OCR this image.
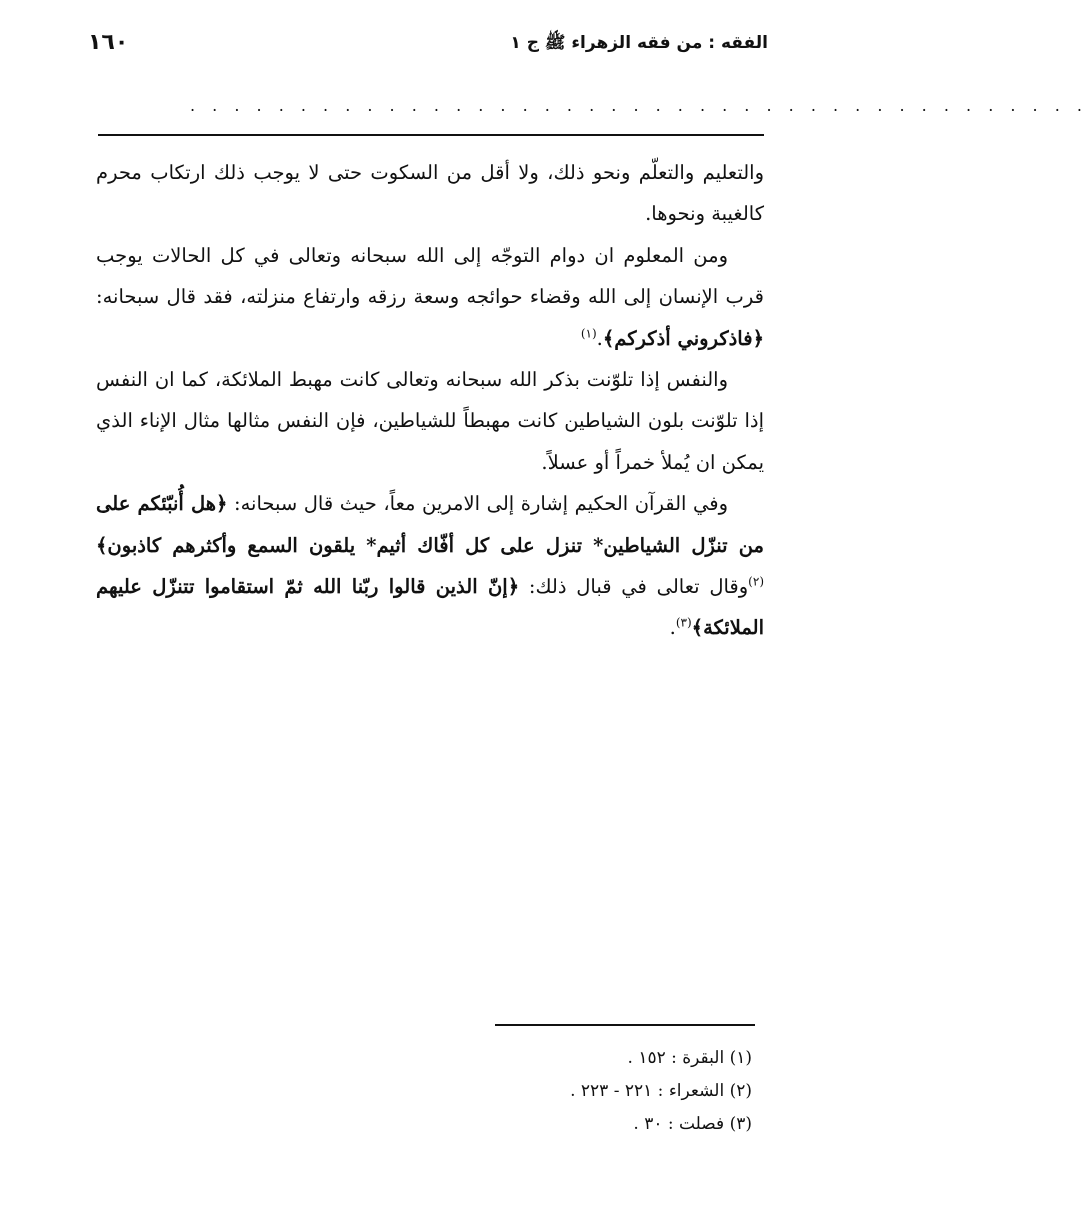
١٦٠	الفقه : من فقه الزهراء ﷺ ج ١
. . . . . . . . . . . . . . . . . . . . . . . . . . . . . . . . . . . . . . . . .

والتعليم والتعلّم ونحو ذلك، ولا أقل من السكوت حتى لا يوجب ذلك ارتكاب محرم كالغيبة ونحوها.

ومن المعلوم ان دوام التوجّه إلى الله سبحانه وتعالى في كل الحالات يوجب قرب الإنسان إلى الله وقضاء حوائجه وسعة رزقه وارتفاع منزلته، فقد قال سبحانه: ﴿فاذكروني أذكركم﴾.$^{(١)}$

والنفس إذا تلوّنت بذكر الله سبحانه وتعالى كانت مهبط الملائكة، كما ان النفس إذا تلوّنت بلون الشياطين كانت مهبطاً للشياطين، فإن النفس مثالها مثال الإناء الذي يمكن ان يُملأ خمراً أو عسلاً.

وفي القرآن الحكيم إشارة إلى الامرين معاً، حيث قال سبحانه: ﴿هل أُنبّئكم على من تنزّل الشياطين* تنزل على كل أفّاك أثيم* يلقون السمع وأكثرهم كاذبون﴾$^{(٢)}$وقال تعالى في قبال ذلك: ﴿إنّ الذين قالوا ربّنا الله ثمّ استقاموا تتنزّل عليهم الملائكة﴾$^{(٣)}$.

(١) البقرة : ١٥٢ .
(٢) الشعراء : ٢٢١ - ٢٢٣ .
(٣) فصلت : ٣٠ .
